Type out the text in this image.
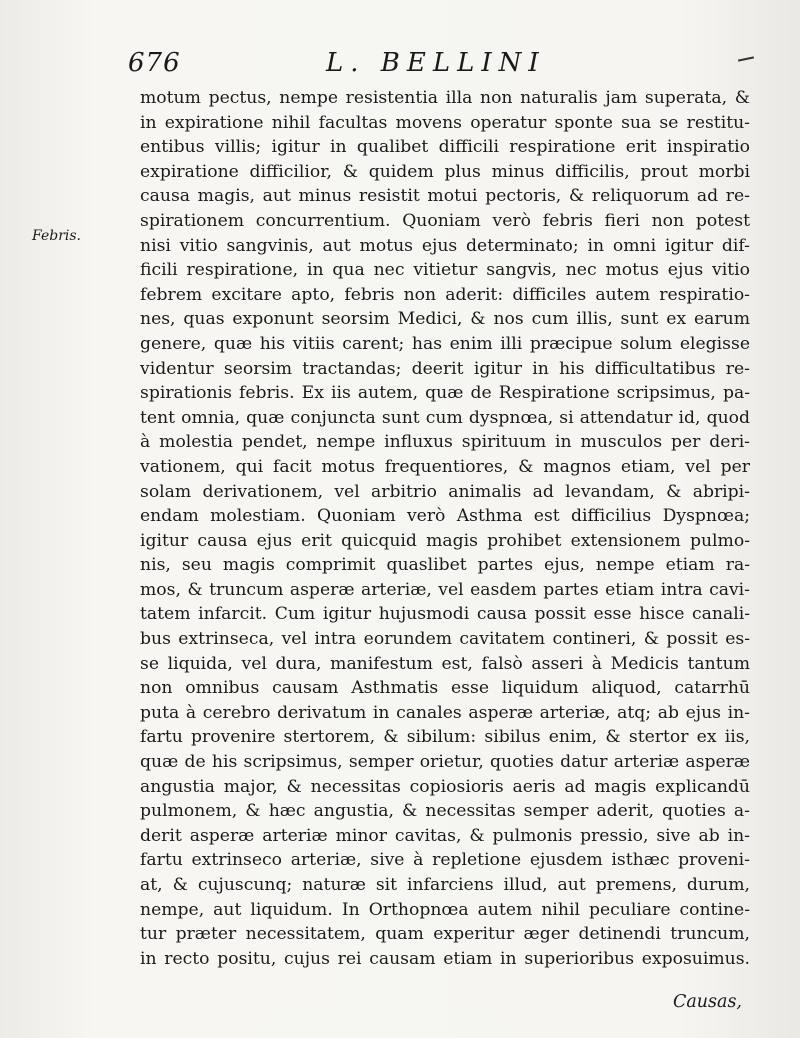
676	L. BELLINI
Febris.
motum pectus, nempe resistentia illa non naturalis jam superata, &
in expiratione nihil facultas movens operatur sponte sua se restitu-
entibus villis; igitur in qualibet difficili respiratione erit inspiratio
expiratione difficilior, & quidem plus minus difficilis, prout morbi
causa magis, aut minus resistit motui pectoris, & reliquorum ad re-
spirationem concurrentium. Quoniam verò febris fieri non potest
nisi vitio sangvinis, aut motus ejus determinato; in omni igitur dif-
ficili respiratione, in qua nec vitietur sangvis, nec motus ejus vitio
febrem excitare apto, febris non aderit: difficiles autem respiratio-
nes, quas exponunt seorsim Medici, & nos cum illis, sunt ex earum
genere, quæ his vitiis carent; has enim illi præcipue solum elegisse
videntur seorsim tractandas; deerit igitur in his difficultatibus re-
spirationis febris. Ex iis autem, quæ de Respiratione scripsimus, pa-
tent omnia, quæ conjuncta sunt cum dyspnœa, si attendatur id, quod
à molestia pendet, nempe influxus spirituum in musculos per deri-
vationem, qui facit motus frequentiores, & magnos etiam, vel per
solam derivationem, vel arbitrio animalis ad levandam, & abripi-
endam molestiam. Quoniam verò Asthma est difficilius Dyspnœa;
igitur causa ejus erit quicquid magis prohibet extensionem pulmo-
nis, seu magis comprimit quaslibet partes ejus, nempe etiam ra-
mos, & truncum asperæ arteriæ, vel easdem partes etiam intra cavi-
tatem infarcit. Cum igitur hujusmodi causa possit esse hisce canali-
bus extrinseca, vel intra eorundem cavitatem contineri, & possit es-
se liquida, vel dura, manifestum est, falsò asseri à Medicis tantum
non omnibus causam Asthmatis esse liquidum aliquod, catarrhū
puta à cerebro derivatum in canales asperæ arteriæ, atq; ab ejus in-
fartu provenire stertorem, & sibilum: sibilus enim, & stertor ex iis,
quæ de his scripsimus, semper orietur, quoties datur arteriæ asperæ
angustia major, & necessitas copiosioris aeris ad magis explicandū
pulmonem, & hæc angustia, & necessitas semper aderit, quoties a-
derit asperæ arteriæ minor cavitas, & pulmonis pressio, sive ab in-
fartu extrinseco arteriæ, sive à repletione ejusdem isthæc proveni-
at, & cujuscunq; naturæ sit infarciens illud, aut premens, durum,
nempe, aut liquidum. In Orthopnœa autem nihil peculiare contine-
tur præter necessitatem, quam experitur æger detinendi truncum,
in recto positu, cujus rei causam etiam in superioribus exposuimus.
Causas,
